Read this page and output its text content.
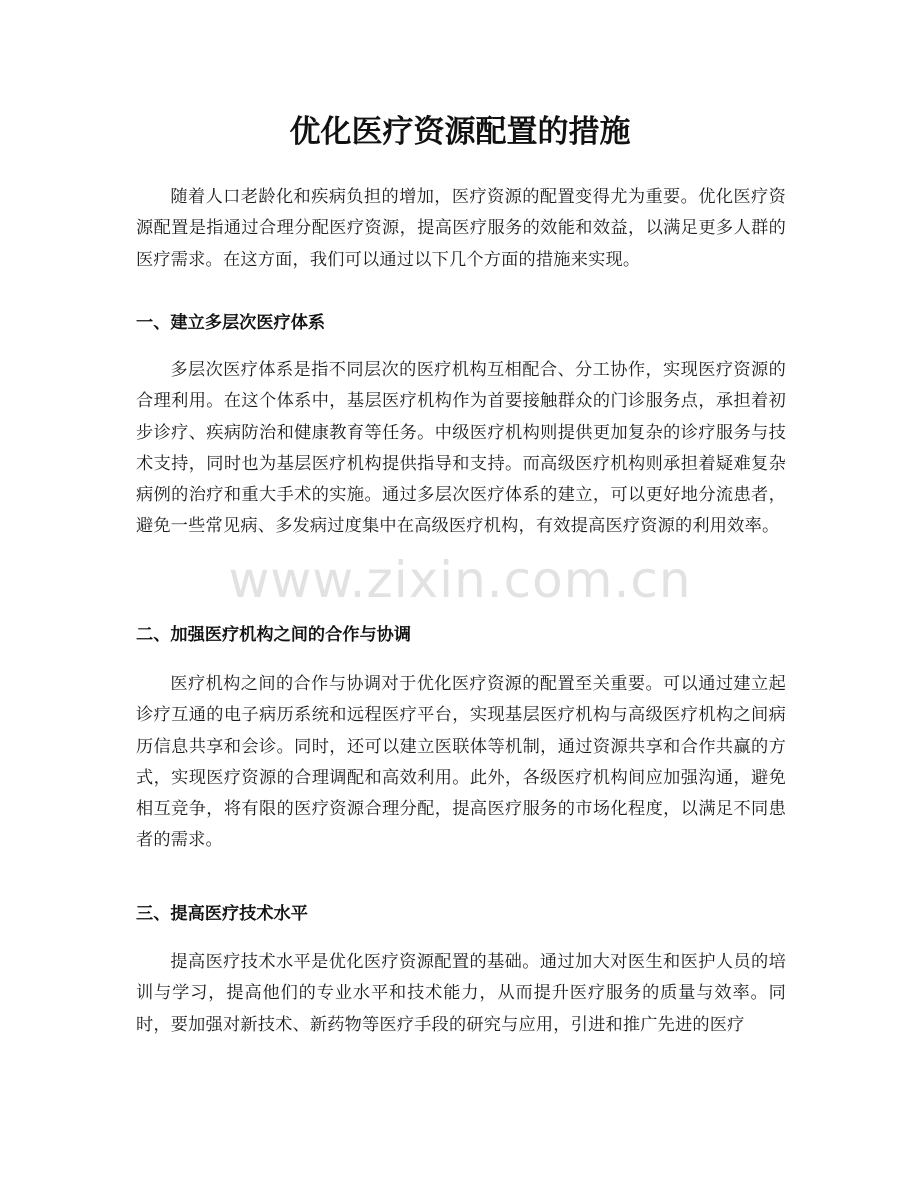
优化医疗资源配置的措施

随着人口老龄化和疾病负担的增加，医疗资源的配置变得尤为重要。优化医疗资源配置是指通过合理分配医疗资源，提高医疗服务的效能和效益，以满足更多人群的医疗需求。在这方面，我们可以通过以下几个方面的措施来实现。

一、建立多层次医疗体系

多层次医疗体系是指不同层次的医疗机构互相配合、分工协作，实现医疗资源的合理利用。在这个体系中，基层医疗机构作为首要接触群众的门诊服务点，承担着初步诊疗、疾病防治和健康教育等任务。中级医疗机构则提供更加复杂的诊疗服务与技术支持，同时也为基层医疗机构提供指导和支持。而高级医疗机构则承担着疑难复杂病例的治疗和重大手术的实施。通过多层次医疗体系的建立，可以更好地分流患者，避免一些常见病、多发病过度集中在高级医疗机构，有效提高医疗资源的利用效率。

二、加强医疗机构之间的合作与协调

医疗机构之间的合作与协调对于优化医疗资源的配置至关重要。可以通过建立起诊疗互通的电子病历系统和远程医疗平台，实现基层医疗机构与高级医疗机构之间病历信息共享和会诊。同时，还可以建立医联体等机制，通过资源共享和合作共赢的方式，实现医疗资源的合理调配和高效利用。此外，各级医疗机构间应加强沟通，避免相互竞争，将有限的医疗资源合理分配，提高医疗服务的市场化程度，以满足不同患者的需求。

三、提高医疗技术水平

提高医疗技术水平是优化医疗资源配置的基础。通过加大对医生和医护人员的培训与学习，提高他们的专业水平和技术能力，从而提升医疗服务的质量与效率。同时，要加强对新技术、新药物等医疗手段的研究与应用，引进和推广先进的医疗

www.zixin.com.cn
